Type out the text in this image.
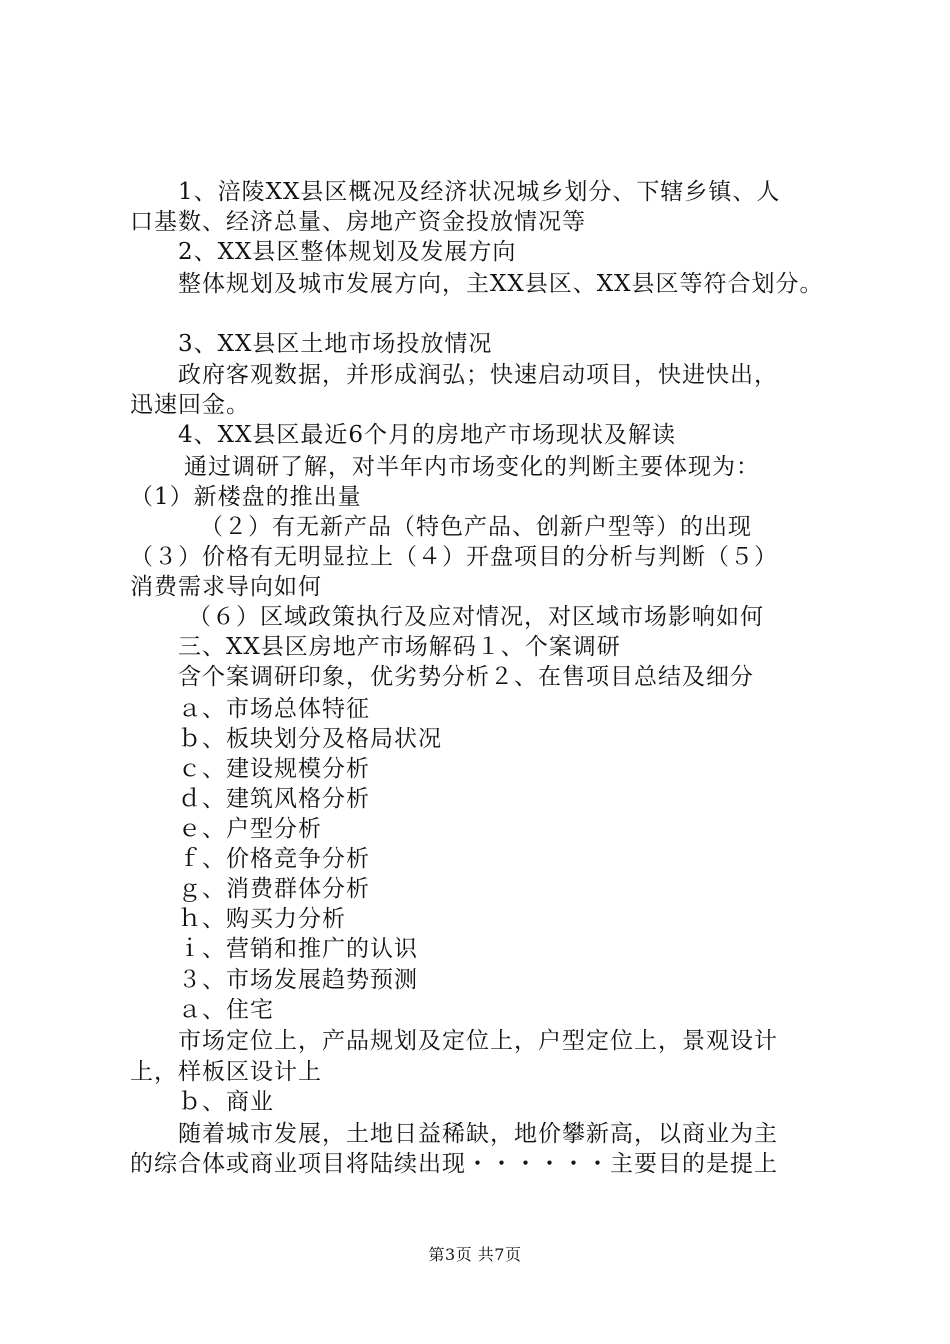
1、涪陵XX县区概况及经济状况城乡划分、下辖乡镇、人
口基数、经济总量、房地产资金投放情况等
2、XX县区整体规划及发展方向
整体规划及城市发展方向，主XX县区、XX县区等符合划分。
3、XX县区土地市场投放情况
政府客观数据，并形成润弘；快速启动项目，快进快出，
迅速回金。
4、XX县区最近6个月的房地产市场现状及解读
通过调研了解，对半年内市场变化的判断主要体现为：
（1）新楼盘的推出量
（２）有无新产品（特色产品、创新户型等）的出现
（３）价格有无明显拉上（４）开盘项目的分析与判断（５）
消费需求导向如何
（６）区域政策执行及应对情况，对区域市场影响如何
三、XX县区房地产市场解码１、个案调研
含个案调研印象，优劣势分析２、在售项目总结及细分
ａ、市场总体特征
ｂ、板块划分及格局状况
ｃ、建设规模分析
ｄ、建筑风格分析
ｅ、户型分析
ｆ、价格竞争分析
ｇ、消费群体分析
ｈ、购买力分析
ｉ、营销和推广的认识
３、市场发展趋势预测
ａ、住宅
市场定位上，产品规划及定位上，户型定位上，景观设计
上，样板区设计上
ｂ、商业
随着城市发展，土地日益稀缺，地价攀新高，以商业为主
的综合体或商业项目将陆续出现・・・・・・主要目的是提上
第3页 共7页
